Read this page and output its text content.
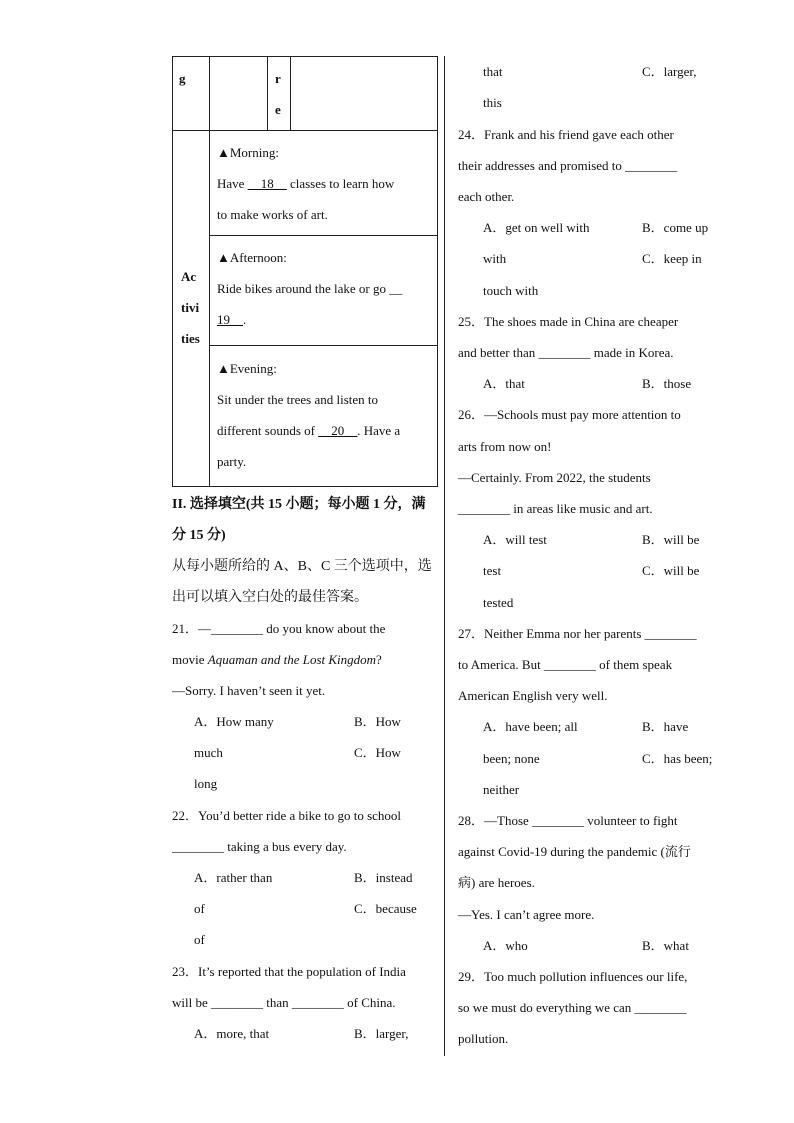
g		r
e	

Ac
tivi
ties	▲Morning:
Have __18__ classes to learn how
to make works of art.		

	▲Afternoon:
Ride bikes around the lake or go __
19__.		

	▲Evening:
Sit under the trees and listen to
different sounds of __20__. Have a
party.		
II. 选择填空(共 15 小题；每小题 1 分，满
分 15 分)
从每小题所给的 A、B、C 三个选项中，选
出可以填入空白处的最佳答案。
21．—________ do you know about the
movie Aquaman and the Lost Kingdom?
—Sorry. I haven’t seen it yet.
A．How many	B．How
much	C．How
long
22．You’d better ride a bike to go to school
________ taking a bus every day.
A．rather than	B．instead
of	C．because
of
23．It’s reported that the population of India
will be ________ than ________ of China.
A．more, that	B．larger,
that	C．larger,
this
24．Frank and his friend gave each other
their addresses and promised to ________
each other.
A．get on well with	B．come up
with	C．keep in
touch with
25．The shoes made in China are cheaper
and better than ________ made in Korea.
A．that	B．those
26．—Schools must pay more attention to
arts from now on!
—Certainly. From 2022, the students
________ in areas like music and art.
A．will test	B．will be
test	C．will be
tested
27．Neither Emma nor her parents ________
to America. But ________ of them speak
American English very well.
A．have been; all	B．have
been; none	C．has been;
neither
28．—Those ________ volunteer to fight
against Covid-19 during the pandemic (流行
病) are heroes.
—Yes. I can’t agree more.
A．who	B．what
29．Too much pollution influences our life,
so we must do everything we can ________
pollution.
